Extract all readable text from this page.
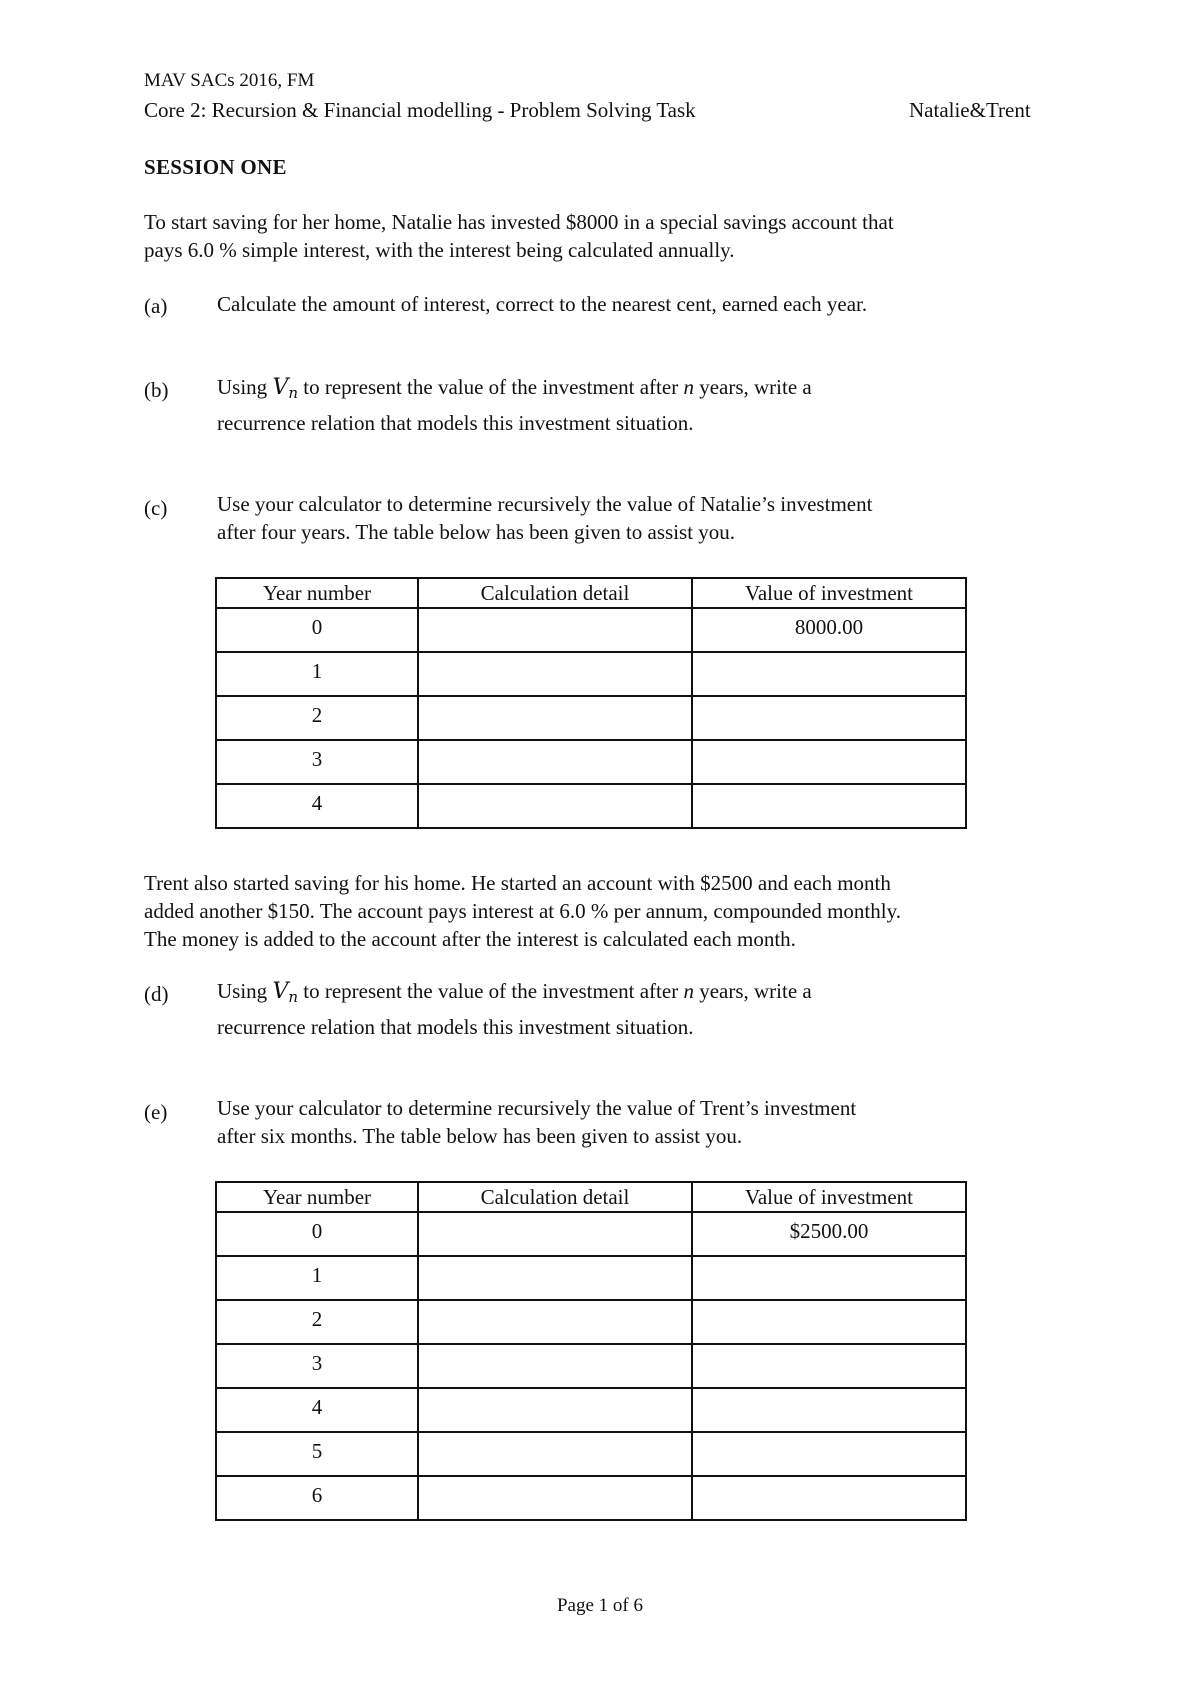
MAV SACs 2016, FM
Core 2: Recursion & Financial modelling - Problem Solving Task	Natalie&Trent
SESSION ONE
To start saving for her home, Natalie has invested $8000 in a special savings account that
pays 6.0 % simple interest, with the interest being calculated annually.
(a) Calculate the amount of interest, correct to the nearest cent, earned each year.
(b) Using $V_n$ to represent the value of the investment after n years, write a
recurrence relation that models this investment situation.
(c) Use your calculator to determine recursively the value of Natalie’s investment
after four years. The table below has been given to assist you.
Year number	Calculation detail	Value of investment
0		8000.00
1		
2		
3		
4		
Trent also started saving for his home. He started an account with $2500 and each month
added another $150. The account pays interest at 6.0 % per annum, compounded monthly.
The money is added to the account after the interest is calculated each month.
(d) Using $V_n$ to represent the value of the investment after n years, write a
recurrence relation that models this investment situation.
(e) Use your calculator to determine recursively the value of Trent’s investment
after six months. The table below has been given to assist you.
Year number	Calculation detail	Value of investment
0		$2500.00
1		
2		
3		
4		
5		
6		
Page 1 of 6
